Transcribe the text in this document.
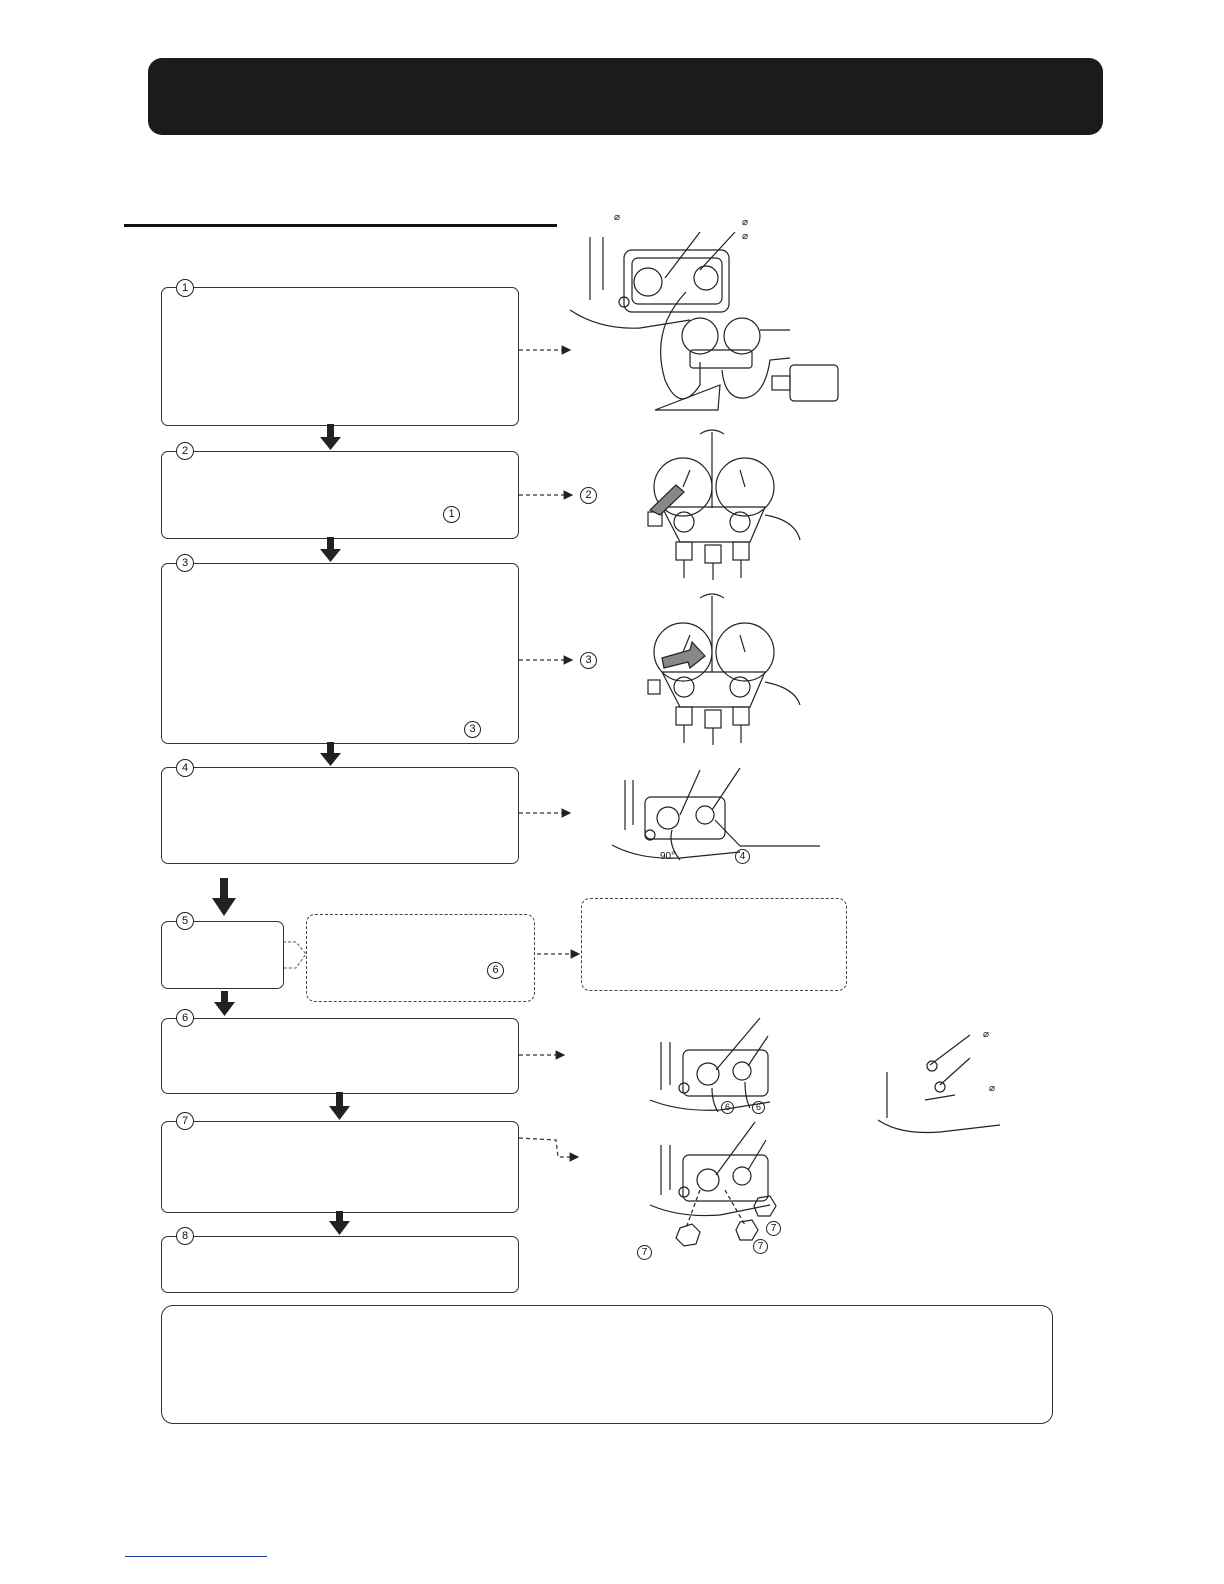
1
2
1
3
3
4
5
6
6
7
8
2
3
⌀	⌀
⌀
⌀
⌀
90°	4
6	6
7
7
7
